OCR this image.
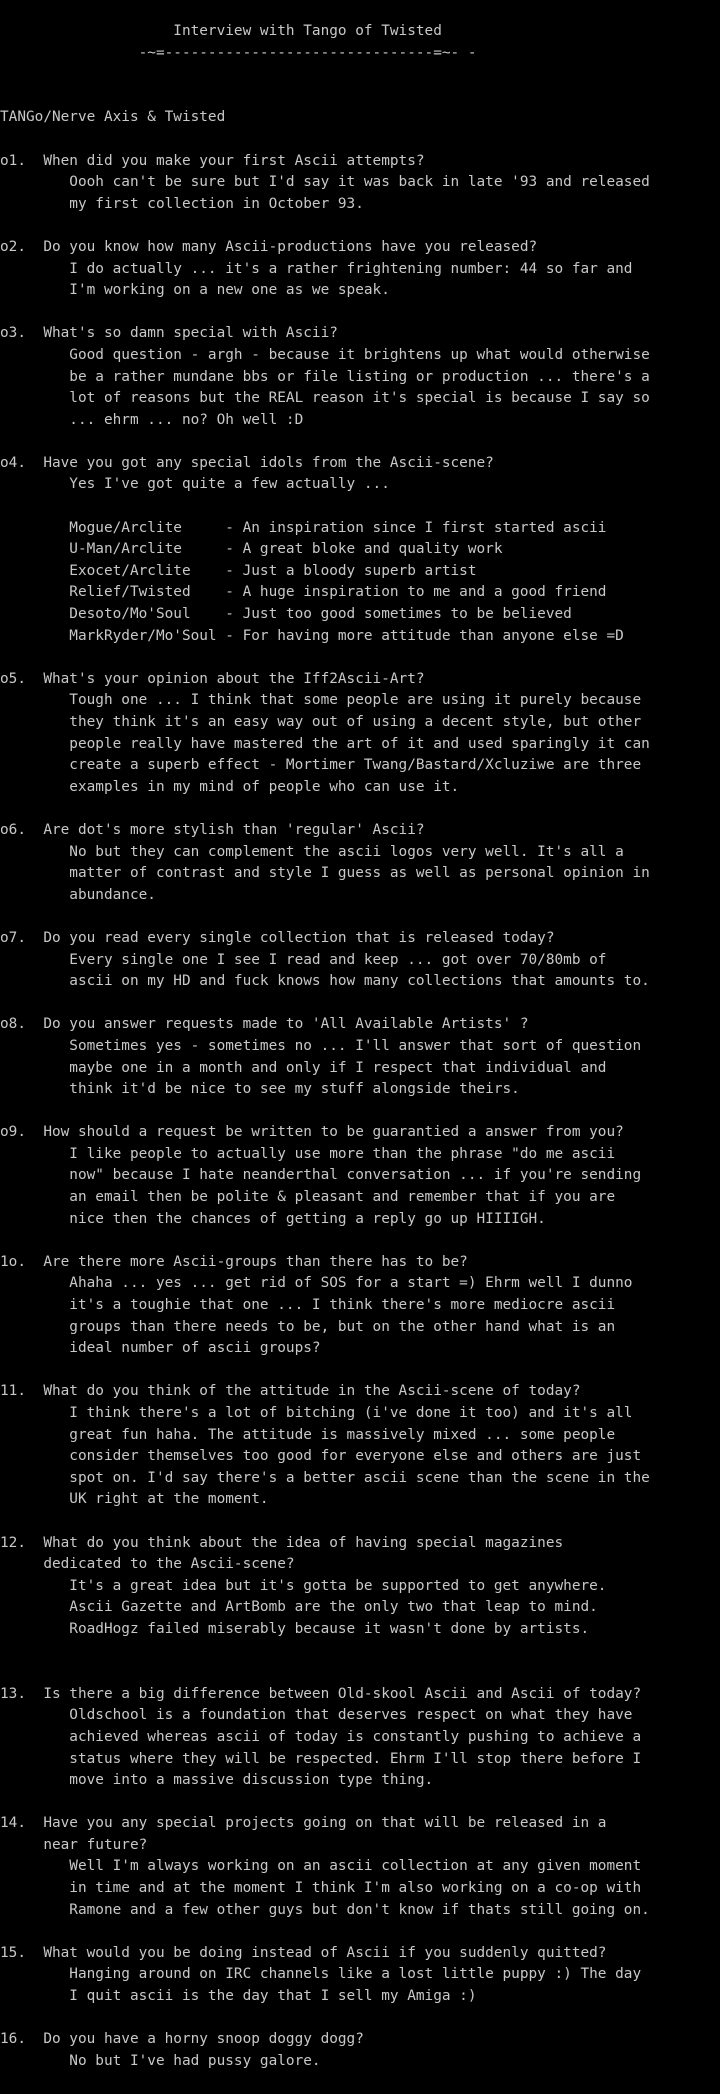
Interview with Tango of Twisted
-~=-------------------------------=~- -
TANGo/Nerve Axis & Twisted
o1.  When did you make your first Ascii attempts?
Oooh can't be sure but I'd say it was back in late '93 and released
my first collection in October 93.
o2.  Do you know how many Ascii-productions have you released?
I do actually ... it's a rather frightening number: 44 so far and
I'm working on a new one as we speak.
o3.  What's so damn special with Ascii?
Good question - argh - because it brightens up what would otherwise
be a rather mundane bbs or file listing or production ... there's a
lot of reasons but the REAL reason it's special is because I say so
... ehrm ... no? Oh well :D
o4.  Have you got any special idols from the Ascii-scene?
Yes I've got quite a few actually ...
Mogue/Arclite     - An inspiration since I first started ascii
U-Man/Arclite     - A great bloke and quality work
Exocet/Arclite    - Just a bloody superb artist
Relief/Twisted    - A huge inspiration to me and a good friend
Desoto/Mo'Soul    - Just too good sometimes to be believed
MarkRyder/Mo'Soul - For having more attitude than anyone else =D
o5.  What's your opinion about the Iff2Ascii-Art?
Tough one ... I think that some people are using it purely because
they think it's an easy way out of using a decent style, but other
people really have mastered the art of it and used sparingly it can
create a superb effect - Mortimer Twang/Bastard/Xcluziwe are three
examples in my mind of people who can use it.
o6.  Are dot's more stylish than 'regular' Ascii?
No but they can complement the ascii logos very well. It's all a
matter of contrast and style I guess as well as personal opinion in
abundance.
o7.  Do you read every single collection that is released today?
Every single one I see I read and keep ... got over 70/80mb of
ascii on my HD and fuck knows how many collections that amounts to.
o8.  Do you answer requests made to 'All Available Artists' ?
Sometimes yes - sometimes no ... I'll answer that sort of question
maybe one in a month and only if I respect that individual and
think it'd be nice to see my stuff alongside theirs.
o9.  How should a request be written to be guarantied a answer from you?
I like people to actually use more than the phrase "do me ascii
now" because I hate neanderthal conversation ... if you're sending
an email then be polite & pleasant and remember that if you are
nice then the chances of getting a reply go up HIIIIGH.
1o.  Are there more Ascii-groups than there has to be?
Ahaha ... yes ... get rid of SOS for a start =) Ehrm well I dunno
it's a toughie that one ... I think there's more mediocre ascii
groups than there needs to be, but on the other hand what is an
ideal number of ascii groups?
11.  What do you think of the attitude in the Ascii-scene of today?
I think there's a lot of bitching (i've done it too) and it's all
great fun haha. The attitude is massively mixed ... some people
consider themselves too good for everyone else and others are just
spot on. I'd say there's a better ascii scene than the scene in the
UK right at the moment.
12.  What do you think about the idea of having special magazines
dedicated to the Ascii-scene?
It's a great idea but it's gotta be supported to get anywhere.
Ascii Gazette and ArtBomb are the only two that leap to mind.
RoadHogz failed miserably because it wasn't done by artists.
13.  Is there a big difference between Old-skool Ascii and Ascii of today?
Oldschool is a foundation that deserves respect on what they have
achieved whereas ascii of today is constantly pushing to achieve a
status where they will be respected. Ehrm I'll stop there before I
move into a massive discussion type thing.
14.  Have you any special projects going on that will be released in a
near future?
Well I'm always working on an ascii collection at any given moment
in time and at the moment I think I'm also working on a co-op with
Ramone and a few other guys but don't know if thats still going on.
15.  What would you be doing instead of Ascii if you suddenly quitted?
Hanging around on IRC channels like a lost little puppy :) The day
I quit ascii is the day that I sell my Amiga :)
16.  Do you have a horny snoop doggy dogg?
No but I've had pussy galore.
